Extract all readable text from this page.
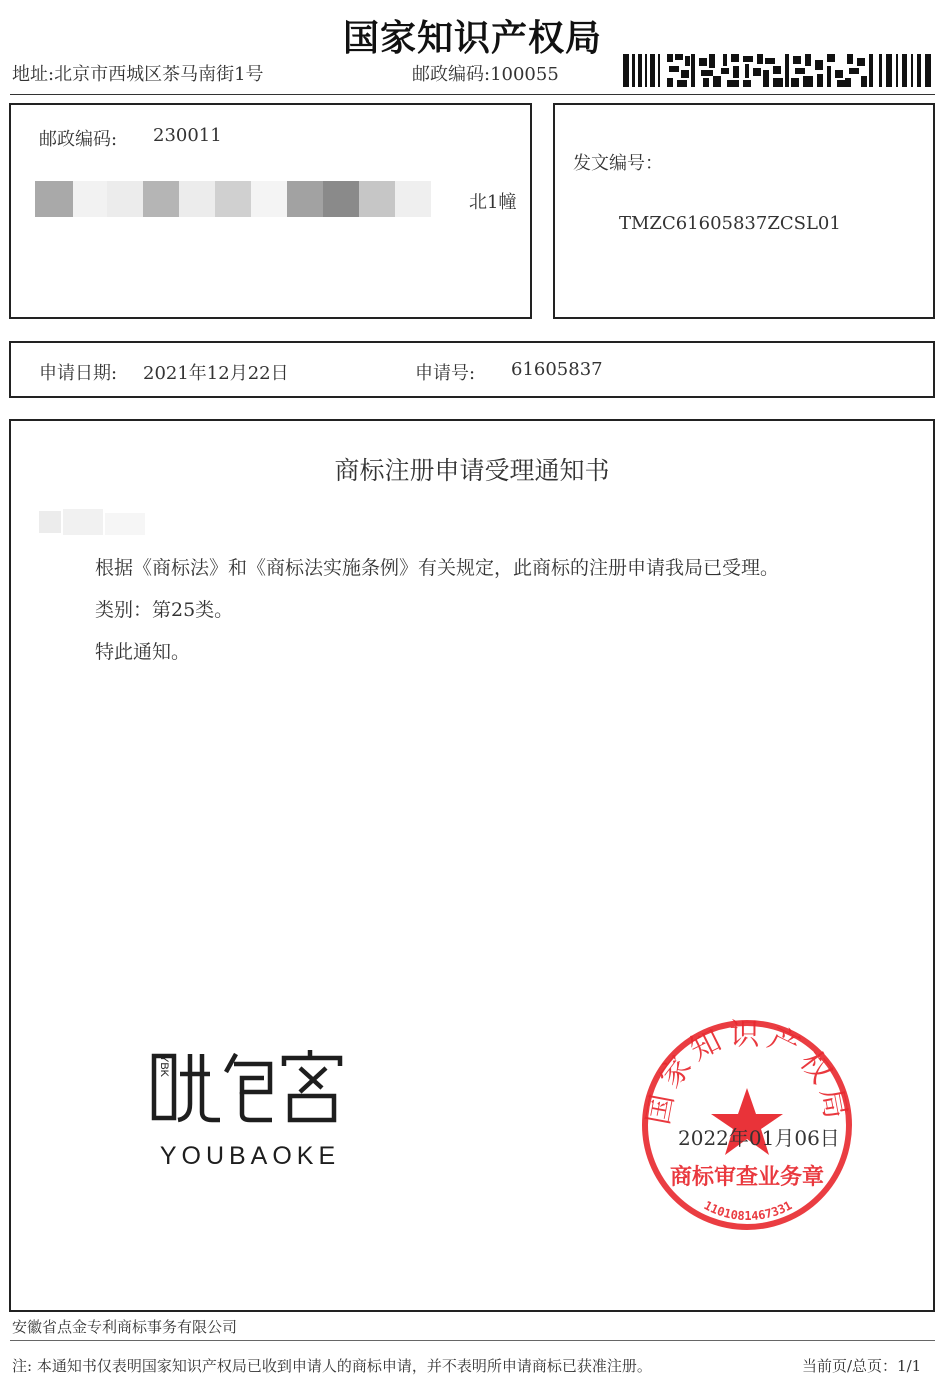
国家知识产权局
地址:北京市西城区茶马南街1号	邮政编码:100055
邮政编码: 230011
北1幢
发文编号：
TMZC61605837ZCSL01
申请日期: 2021年12月22日	申请号: 61605837
商标注册申请受理通知书
根据《商标法》和《商标法实施条例》有关规定，此商标的注册申请我局已受理。
类别：第25类。
特此通知。
YBK
YOUBAOKE
国家知识产权局
商标审查业务章
1101081467331
2022年01月06日
安徽省点金专利商标事务有限公司
注: 本通知书仅表明国家知识产权局已收到申请人的商标申请，并不表明所申请商标已获准注册。	当前页/总页：1/1
